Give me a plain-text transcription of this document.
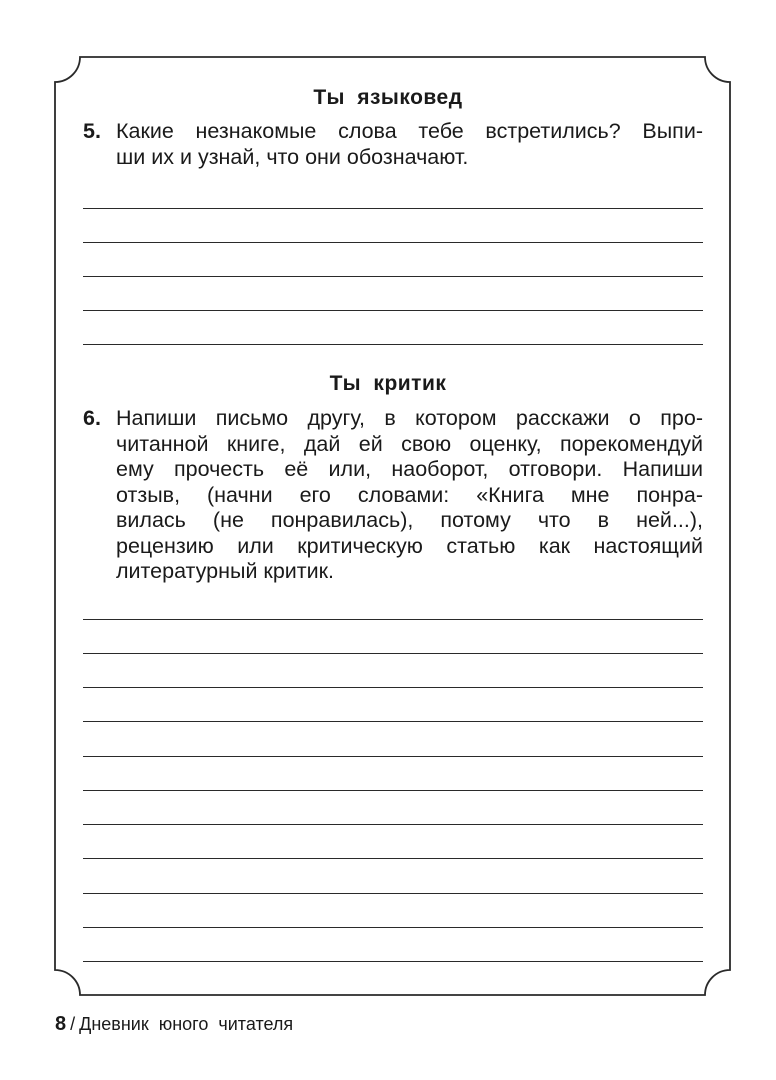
Ты языковед
5. Какие незнакомые слова тебе встретились? Выпи-
ши их и узнай, что они обозначают.
Ты критик
6. Напиши письмо другу, в котором расскажи о про-
читанной книге, дай ей свою оценку, порекомендуй
ему прочесть её или, наоборот, отговори. Напиши
отзыв, (начни его словами: «Книга мне понра-
вилась (не понравилась), потому что в ней...),
рецензию или критическую статью как настоящий
литературный критик.
8 / Дневник юного читателя
